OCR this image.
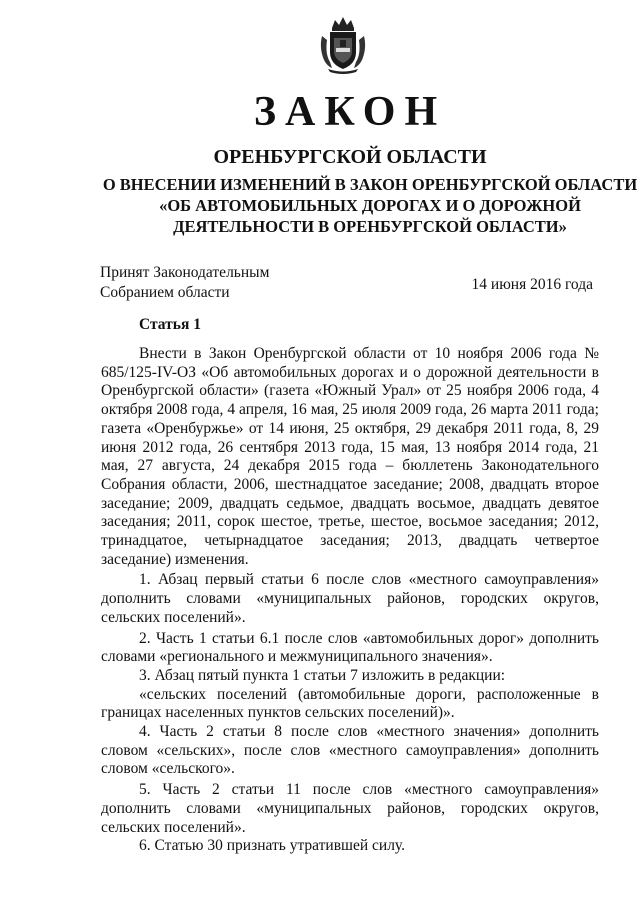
ЗАКОН
ОРЕНБУРГСКОЙ ОБЛАСТИ
О ВНЕСЕНИИ ИЗМЕНЕНИЙ В ЗАКОН ОРЕНБУРГСКОЙ ОБЛАСТИ
«ОБ АВТОМОБИЛЬНЫХ ДОРОГАХ И О ДОРОЖНОЙ
ДЕЯТЕЛЬНОСТИ В ОРЕНБУРГСКОЙ ОБЛАСТИ»
Принят Законодательным
Собранием области	14 июня 2016 года
Статья 1

Внести в Закон Оренбургской области от 10 ноября 2006 года № 685/125-IV-ОЗ «Об автомобильных дорогах и о дорожной деятельности в Оренбургской области» (газета «Южный Урал» от 25 ноября 2006 года, 4 октября 2008 года, 4 апреля, 16 мая, 25 июля 2009 года, 26 марта 2011 года; газета «Оренбуржье» от 14 июня, 25 октября, 29 декабря 2011 года, 8, 29 июня 2012 года, 26 сентября 2013 года, 15 мая, 13 ноября 2014 года, 21 мая, 27 августа, 24 декабря 2015 года – бюллетень Законодательного Собрания области, 2006, шестнадцатое заседание; 2008, двадцать второе заседание; 2009, двадцать седьмое, двадцать восьмое, двадцать девятое заседания; 2011, сорок шестое, третье, шестое, восьмое заседания; 2012, тринадцатое, четырнадцатое заседания; 2013, двадцать четвертое заседание) изменения.

1. Абзац первый статьи 6 после слов «местного самоуправления» дополнить словами «муниципальных районов, городских округов, сельских поселений».

2. Часть 1 статьи 6.1 после слов «автомобильных дорог» дополнить словами «регионального и межмуниципального значения».

3. Абзац пятый пункта 1 статьи 7 изложить в редакции:

«сельских поселений (автомобильные дороги, расположенные в границах населенных пунктов сельских поселений)».

4. Часть 2 статьи 8 после слов «местного значения» дополнить словом «сельских», после слов «местного самоуправления» дополнить словом «сельского».

5. Часть 2 статьи 11 после слов «местного самоуправления» дополнить словами «муниципальных районов, городских округов, сельских поселений».

6. Статью 30 признать утратившей силу.
